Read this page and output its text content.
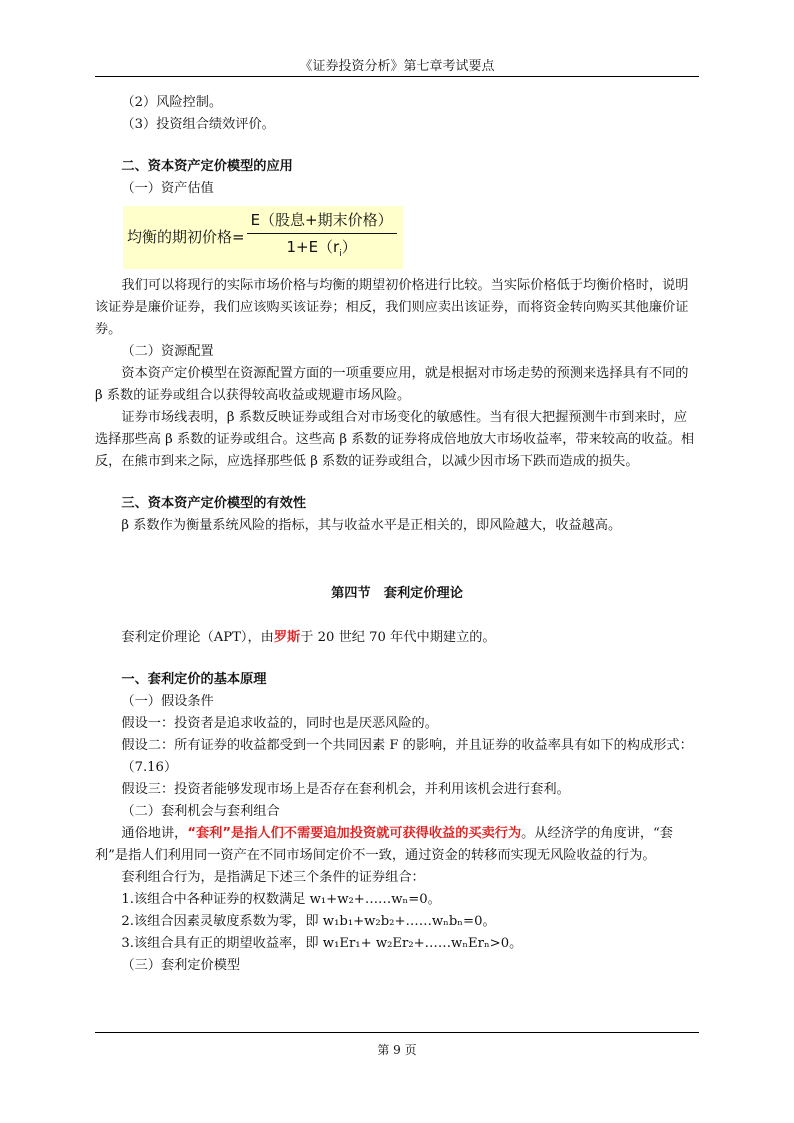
《证券投资分析》第七章考试要点

（2）风险控制。

（3）投资组合绩效评价。

二、资本资产定价模型的应用

（一）资产估值

均衡的期初价格= $\frac{\text{E（股息+期末价格）}}{1+E(r_i)}$

我们可以将现行的实际市场价格与均衡的期望初价格进行比较。当实际价格低于均衡价格时，说明该证券是廉价证券，我们应该购买该证券；相反，我们则应卖出该证券，而将资金转向购买其他廉价证券。

（二）资源配置

资本资产定价模型在资源配置方面的一项重要应用，就是根据对市场走势的预测来选择具有不同的 β 系数的证券或组合以获得较高收益或规避市场风险。

证券市场线表明，β 系数反映证券或组合对市场变化的敏感性。当有很大把握预测牛市到来时，应选择那些高 β 系数的证券或组合。这些高 β 系数的证券将成倍地放大市场收益率，带来较高的收益。相反，在熊市到来之际，应选择那些低 β 系数的证券或组合，以减少因市场下跌而造成的损失。

三、资本资产定价模型的有效性

β 系数作为衡量系统风险的指标，其与收益水平是正相关的，即风险越大，收益越高。

第四节　套利定价理论

套利定价理论（APT），由罗斯于 20 世纪 70 年代中期建立的。

一、套利定价的基本原理

（一）假设条件

假设一：投资者是追求收益的，同时也是厌恶风险的。

假设二：所有证券的收益都受到一个共同因素 F 的影响，并且证券的收益率具有如下的构成形式：

（7.16）

假设三：投资者能够发现市场上是否存在套利机会，并利用该机会进行套利。

（二）套利机会与套利组合

通俗地讲，“套利”是指人们不需要追加投资就可获得收益的买卖行为。从经济学的角度讲，“套利”是指人们利用同一资产在不同市场间定价不一致，通过资金的转移而实现无风险收益的行为。

套利组合行为，是指满足下述三个条件的证券组合：

1.该组合中各种证券的权数满足 w₁+w₂+……wₙ=0。

2.该组合因素灵敏度系数为零，即 w₁b₁+w₂b₂+……wₙbₙ=0。

3.该组合具有正的期望收益率，即 w₁Er₁+ w₂Er₂+……wₙErₙ>0。

（三）套利定价模型

第 9 页
